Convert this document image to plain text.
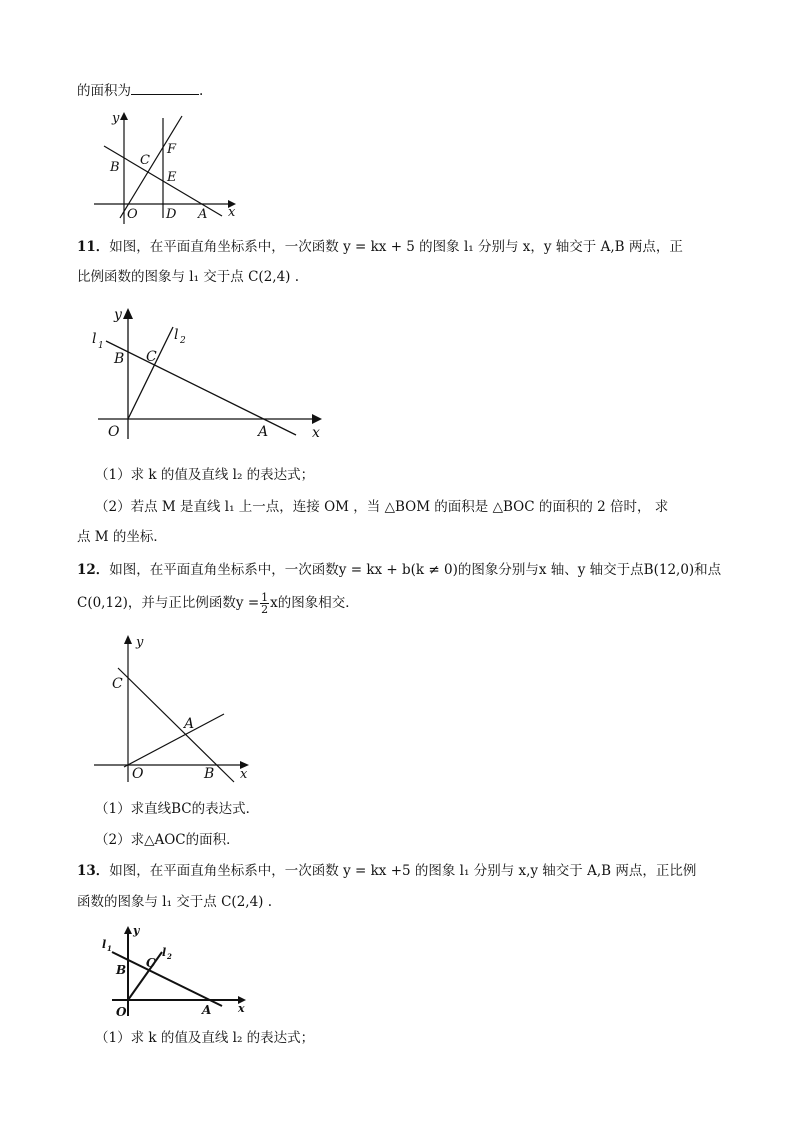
的面积为	.
y
x
B C
F
E
O D A
11．如图，在平面直角坐标系中，一次函数 y = kx + 5 的图象 l₁ 分别与 x，y 轴交于 A,B 两点，正
比例函数的图象与 l₁ 交于点 C(2,4) .
y
x
l 1
l 2
B C
O	A
（1）求 k 的值及直线 l₂ 的表达式；
（2）若点 M 是直线 l₁ 上一点，连接 OM ，当 △BOM 的面积是 △BOC 的面积的 2 倍时， 求
点 M 的坐标．
12．如图，在平面直角坐标系中，一次函数y = kx + b(k ≠ 0)的图象分别与x 轴、y 轴交于点B(12,0)和点
C(0,12)，并与正比例函数$y = \frac{1}{2}$ x的图象相交．
y
x
C
A
O	B
（1）求直线BC的表达式．
（2）求△AOC的面积．
13．如图，在平面直角坐标系中，一次函数 y = kx +5 的图象 l₁ 分别与 x,y 轴交于 A,B 两点，正比例
函数的图象与 l₁ 交于点 C(2,4) .
l 1	l 2
y
x
B C
O	A
（1）求 k 的值及直线 l₂ 的表达式；
